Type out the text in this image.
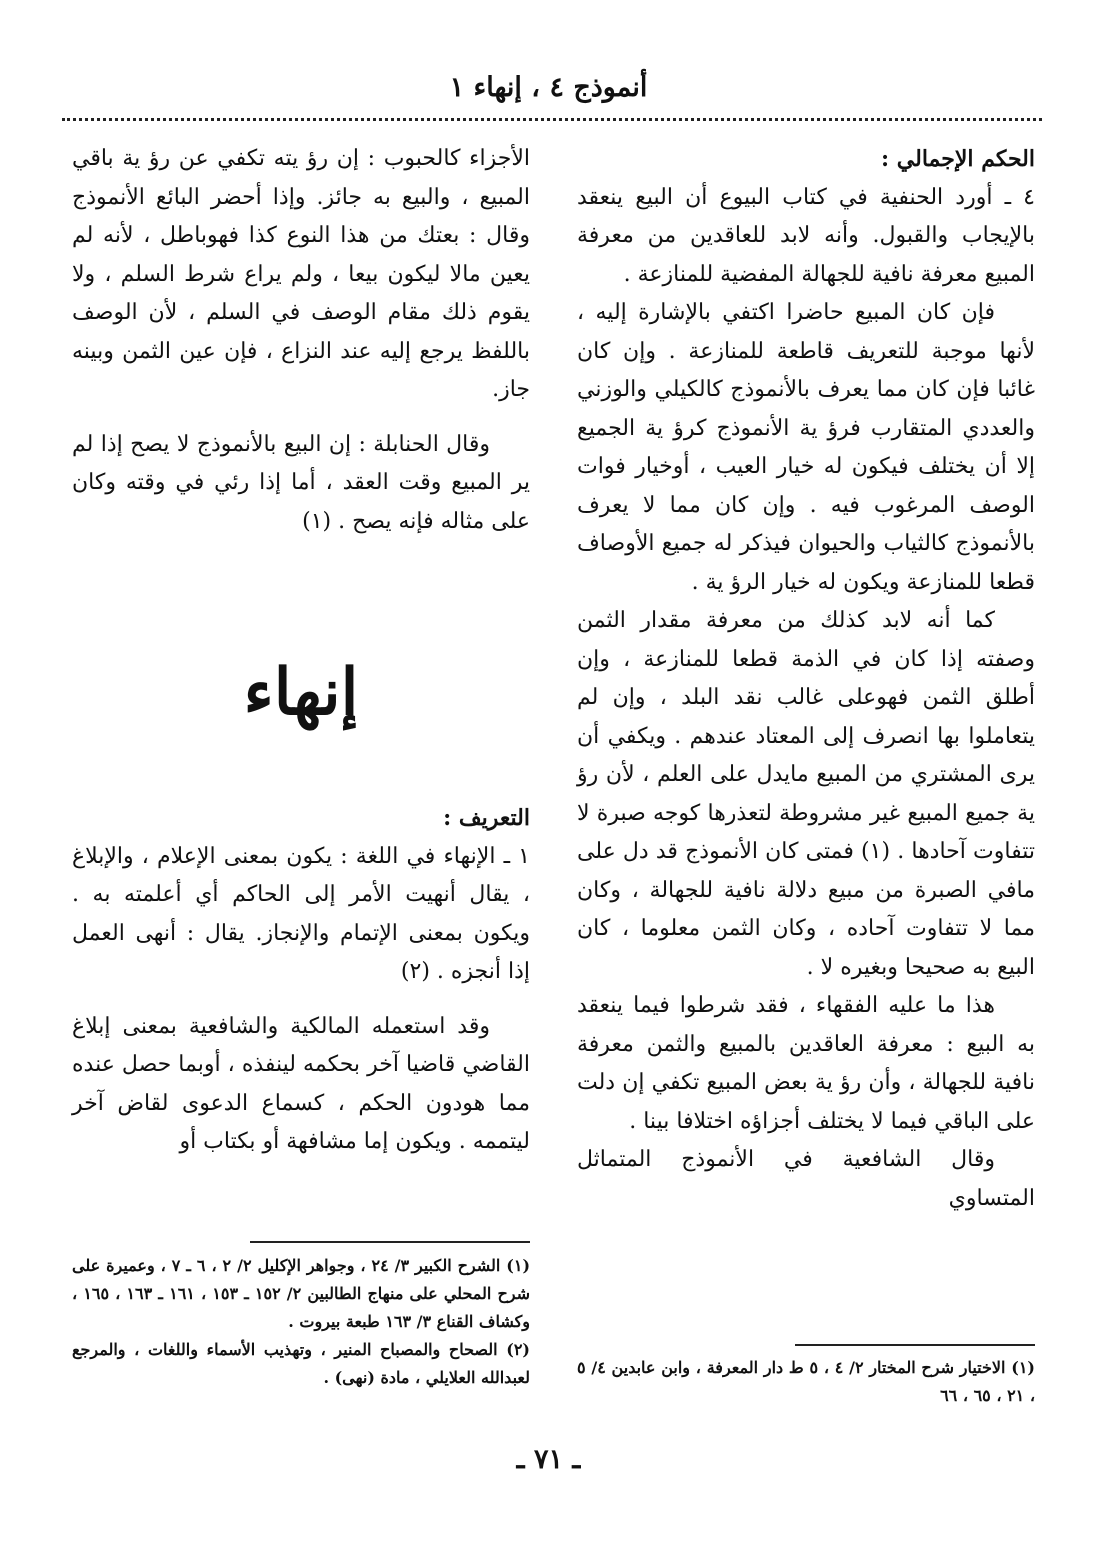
أنموذج ٤ ، إنهاء ١

الحكم الإجمالي :

٤ ـ أورد الحنفية في كتاب البيوع أن البيع ينعقد بالإيجاب والقبول. وأنه لابد للعاقدين من معرفة المبيع معرفة نافية للجهالة المفضية للمنازعة .

فإن كان المبيع حاضرا اكتفي بالإشارة إليه ، لأنها موجبة للتعريف قاطعة للمنازعة . وإن كان غائبا فإن كان مما يعرف بالأنموذج كالكيلي والوزني والعددي المتقارب فرؤ ية الأنموذج كرؤ ية الجميع إلا أن يختلف فيكون له خيار العيب ، أوخيار فوات الوصف المرغوب فيه . وإن كان مما لا يعرف بالأنموذج كالثياب والحيوان فيذكر له جميع الأوصاف قطعا للمنازعة ويكون له خيار الرؤ ية .

كما أنه لابد كذلك من معرفة مقدار الثمن وصفته إذا كان في الذمة قطعا للمنازعة ، وإن أطلق الثمن فهوعلى غالب نقد البلد ، وإن لم يتعاملوا بها انصرف إلى المعتاد عندهم . ويكفي أن يرى المشتري من المبيع مايدل على العلم ، لأن رؤ ية جميع المبيع غير مشروطة لتعذرها كوجه صبرة لا تتفاوت آحادها . (١) فمتى كان الأنموذج قد دل على مافي الصبرة من مبيع دلالة نافية للجهالة ، وكان مما لا تتفاوت آحاده ، وكان الثمن معلوما ، كان البيع به صحيحا وبغيره لا .

هذا ما عليه الفقهاء ، فقد شرطوا فيما ينعقد به البيع : معرفة العاقدين بالمبيع والثمن معرفة نافية للجهالة ، وأن رؤ ية بعض المبيع تكفي إن دلت على الباقي فيما لا يختلف أجزاؤه اختلافا بينا .

وقال الشافعية في الأنموذج المتماثل المتساوي

الأجزاء كالحبوب : إن رؤ يته تكفي عن رؤ ية باقي المبيع ، والبيع به جائز. وإذا أحضر البائع الأنموذج وقال : بعتك من هذا النوع كذا فهوباطل ، لأنه لم يعين مالا ليكون بيعا ، ولم يراع شرط السلم ، ولا يقوم ذلك مقام الوصف في السلم ، لأن الوصف باللفظ يرجع إليه عند النزاع ، فإن عين الثمن وبينه جاز.

وقال الحنابلة : إن البيع بالأنموذج لا يصح إذا لم ير المبيع وقت العقد ، أما إذا رئي في وقته وكان على مثاله فإنه يصح . (١)

إنهاء

التعريف :

١ ـ الإنهاء في اللغة : يكون بمعنى الإعلام ، والإبلاغ ، يقال أنهيت الأمر إلى الحاكم أي أعلمته به . ويكون بمعنى الإتمام والإنجاز. يقال : أنهى العمل إذا أنجزه . (٢)

وقد استعمله المالكية والشافعية بمعنى إبلاغ القاضي قاضيا آخر بحكمه لينفذه ، أوبما حصل عنده مما هودون الحكم ، كسماع الدعوى لقاض آخر ليتممه . ويكون إما مشافهة أو بكتاب أو

(١) الاختيار شرح المختار ٢/ ٤ ، ٥ ط دار المعرفة ، وابن عابدين ٤/ ٥ ، ٢١ ، ٦٥ ، ٦٦

(١) الشرح الكبير ٣/ ٢٤ ، وجواهر الإكليل ٢/ ٢ ، ٦ ـ ٧ ، وعميرة على شرح المحلي على منهاج الطالبين ٢/ ١٥٢ ـ ١٥٣ ، ١٦١ ـ ١٦٣ ، ١٦٥ ، وكشاف القناع ٣/ ١٦٣ طبعة بيروت .

(٢) الصحاح والمصباح المنير ، وتهذيب الأسماء واللغات ، والمرجع لعبدالله العلايلي ، مادة (نهى) .

ـ ٧١ ـ
